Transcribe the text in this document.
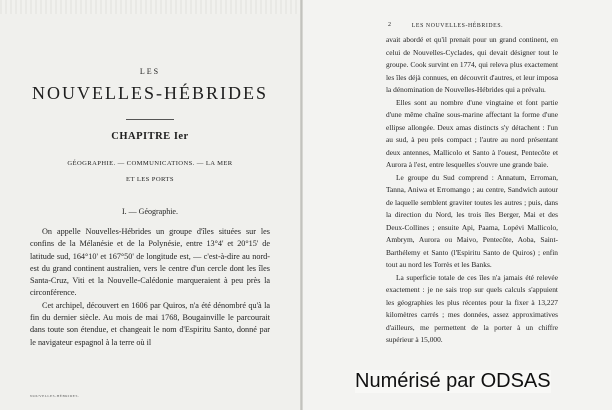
LES
NOUVELLES-HÉBRIDES
CHAPITRE Ier
GÉOGRAPHIE. — COMMUNICATIONS. — LA MER
ET LES PORTS
I. — Géographie.

On appelle Nouvelles-Hébrides un groupe d'îles situées sur les confins de la Mélanésie et de la Polynésie, entre 13°4' et 20°15' de latitude sud, 164°10' et 167°50' de longitude est, — c'est-à-dire au nord-est du grand continent australien, vers le centre d'un cercle dont les îles Santa-Cruz, Viti et la Nouvelle-Calédonie marqueraient à peu près la circonférence.

Cet archipel, découvert en 1606 par Quiros, n'a été dénombré qu'à la fin du dernier siècle. Au mois de mai 1768, Bougainville le parcourait dans toute son étendue, et changeait le nom d'Espiritu Santo, donné par le navigateur espagnol à la terre où il

NOUVELLES-HÉBRIDES.
2	LES NOUVELLES-HÉBRIDES.

avait abordé et qu'il prenait pour un grand continent, en celui de Nouvelles-Cyclades, qui devait désigner tout le groupe. Cook survint en 1774, qui releva plus exactement les îles déjà connues, en découvrit d'autres, et leur imposa la dénomination de Nouvelles-Hébrides qui a prévalu.

Elles sont au nombre d'une vingtaine et font partie d'une même chaîne sous-marine affectant la forme d'une ellipse allongée. Deux amas distincts s'y détachent : l'un au sud, à peu près compact ; l'autre au nord présentant deux antennes, Mallicolo et Santo à l'ouest, Pentecôte et Aurora à l'est, entre lesquelles s'ouvre une grande baie.

Le groupe du Sud comprend : Annatum, Erroman, Tanna, Aniwa et Erromango ; au centre, Sandwich autour de laquelle semblent graviter toutes les autres ; puis, dans la direction du Nord, les trois îles Berger, Mai et des Deux-Collines ; ensuite Api, Paama, Lopévi Mallicolo, Ambrym, Aurora ou Maivo, Pentecôte, Aoba, Saint-Barthélemy et Santo (l'Espiritu Santo de Quiros) ; enfin tout au nord les Torrès et les Banks.

La superficie totale de ces îles n'a jamais été relevée exactement : je ne sais trop sur quels calculs s'appuient les géographies les plus récentes pour la fixer à 13,227 kilomètres carrés ; mes données, assez approximatives d'ailleurs, me permettent de la porter à un chiffre supérieur à 15,000.

Numérisé par ODSAS
